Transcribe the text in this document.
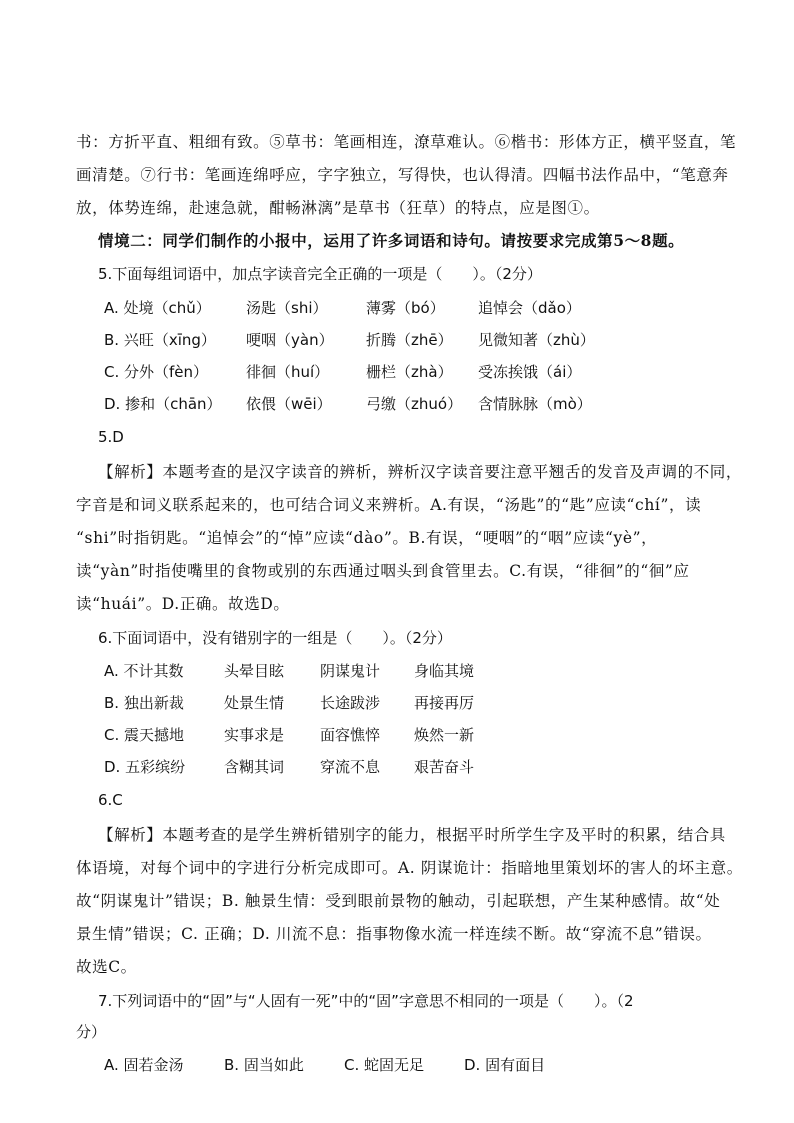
书：方折平直、粗细有致。⑤草书：笔画相连，潦草难认。⑥楷书：形体方正，横平竖直，笔
画清楚。⑦行书：笔画连绵呼应，字字独立，写得快，也认得清。四幅书法作品中，“笔意奔
放，体势连绵，赴速急就，酣畅淋漓”是草书（狂草）的特点，应是图①。
情境二：同学们制作的小报中，运用了许多词语和诗句。请按要求完成第5～8题。
5.下面每组词语中，加点字读音完全正确的一项是（　　）。（2分）
A. 处境（chǔ） 汤匙（shi）	薄雾（bó） 追悼会（dǎo）
B. 兴旺（xīng） 哽咽（yàn） 折腾（zhē） 见微知著（zhù）
C. 分外（fèn）	徘徊（huí） 栅栏（zhà） 受冻挨饿（ái）
D. 掺和（chān） 依偎（wēi） 弓缴（zhuó） 含情脉脉（mò）
5.D
【解析】本题考查的是汉字读音的辨析，辨析汉字读音要注意平翘舌的发音及声调的不同，
字音是和词义联系起来的，也可结合词义来辨析。A.有误，“汤匙”的“匙”应读“chí”，读
“shi”时指钥匙。“追悼会”的“悼”应读“dào”。B.有误，“哽咽”的“咽”应读“yè”，
读“yàn”时指使嘴里的食物或别的东西通过咽头到食管里去。C.有误，“徘徊”的“徊”应
读“huái”。D.正确。故选D。
6.下面词语中，没有错别字的一组是（　　）。（2分）
A. 不计其数	头晕目眩 阴谋鬼计 身临其境
B. 独出新裁	处景生情 长途跋涉 再接再厉
C. 震天撼地	实事求是 面容憔悴 焕然一新
D. 五彩缤纷	含糊其词 穿流不息 艰苦奋斗
6.C
【解析】本题考查的是学生辨析错别字的能力，根据平时所学生字及平时的积累，结合具
体语境，对每个词中的字进行分析完成即可。A. 阴谋诡计：指暗地里策划坏的害人的坏主意。
故“阴谋鬼计”错误；B. 触景生情：受到眼前景物的触动，引起联想，产生某种感情。故“处
景生情”错误；C. 正确；D. 川流不息：指事物像水流一样连续不断。故“穿流不息”错误。
故选C。
7.下列词语中的“固”与“人固有一死”中的“固”字意思不相同的一项是（　　）。（2
分）
A. 固若金汤	B. 固当如此	C. 蛇固无足	D. 固有面目
